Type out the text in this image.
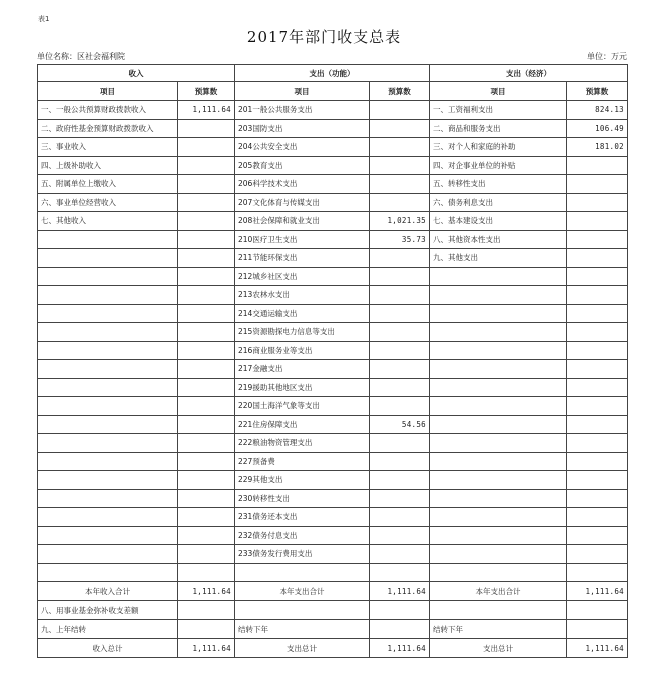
表1
2017年部门收支总表
单位名称：区社会福利院	单位：万元
收入		支出（功能）		支出（经济）	
项目	预算数	项目	预算数	项目	预算数
一、一般公共预算财政拨款收入	1,111.64	201一般公共服务支出		一、工资福利支出	824.13
二、政府性基金预算财政拨款收入		203国防支出		二、商品和服务支出	106.49
三、事业收入		204公共安全支出		三、对个人和家庭的补助	181.02
四、上级补助收入		205教育支出		四、对企事业单位的补贴	
五、附属单位上缴收入		206科学技术支出		五、转移性支出	
六、事业单位经营收入		207文化体育与传媒支出		六、债务利息支出	
七、其他收入		208社会保障和就业支出	1,021.35	七、基本建设支出	
		210医疗卫生支出	35.73	八、其他资本性支出	
		211节能环保支出		九、其他支出	
		212城乡社区支出			
		213农林水支出			
		214交通运输支出			
		215资源勘探电力信息等支出			
		216商业服务业等支出			
		217金融支出			
		219援助其他地区支出			
		220国土海洋气象等支出			
		221住房保障支出	54.56		
		222粮油物资管理支出			
		227预备费			
		229其他支出			
		230转移性支出			
		231债务还本支出			
		232债务付息支出			
		233债务发行费用支出			

本年收入合计	1,111.64	本年支出合计	1,111.64	本年支出合计	1,111.64
八、用事业基金弥补收支差额					
九、上年结转		结转下年		结转下年	
收入总计	1,111.64	支出总计	1,111.64	支出总计	1,111.64
